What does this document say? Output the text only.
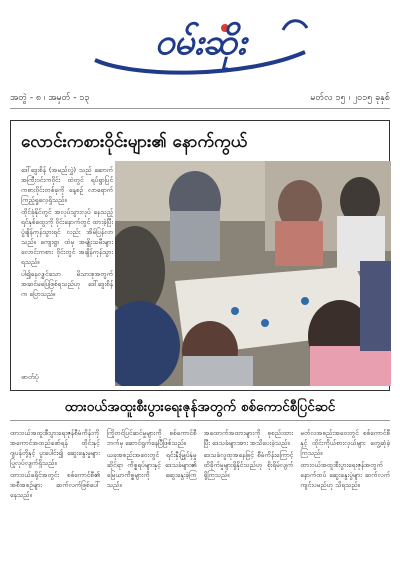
ဝမ်းဆိုး
အတွဲ - ၈ ၊ အမှတ် - ၁၃	မတ်လ ၁၅ ၊ ၂၀၁၅ ခုနှစ်
လောင်းကစားဝိုင်းများ၏ နောက်ကွယ်

ဒေါ်ဒွေးစိန် (အမည်လွှဲ) သည် ဆောက်အကြီးဝင်းကဝိုင်း ထဲတွင် ရပ်ရွာပြင် ကစားဝိုင်းတစ်ခုကို နေ့စဉ် လာရောက်ကြည့်ရှုလေ့ရှိသည်။

ထိုင်ခုံနိုင်တွင် အလုပ်သွားလုပ် နေသည့် ရင်နှစ်ထွေးကို ဝိုင်းနောက်တွင် ထားခဲ့ပြီး ပွဲချိန်ကုန်သွားရင် လည်း အိမ်ပြန်လာသည်။ ကျေးရွာ ထဲမှ အမျိုးသမီးများ လောင်းကစား ဝိုင်းတွင် အချိန်ကုန်သွားရသည်။

ပါ၍နေလျှင်သော မိသားစုအတွက် အဆင်မပြေဖြစ်ရသည်ဟု ဒေါ်ဒွေးစိန်က ပြောသည်။

ဓာတ်ပုံ
ထားဝယ်အထူးစီးပွားရေးဇုန်အတွက် စစ်ကောင်စီပြင်ဆင်

ထားဝယ်အထူးစီးပွားရေးဇုန်စီမံကိန်းကို အကောင်အထည်ဖော်ရန် ထိုင်းနှင့် ဂျပန်တို့နှင့် ပူးပေါင်း၍ ဆွေးနွေးမှုများ ပြုလုပ်လျက်ရှိသည်။

ထားဝယ်ခရိုင်အတွင်း စစ်ကောင်စီ၏ အစီအစဉ်များ ဆက်လက်ဖြစ်ပေါ်နေသည်။

ကြိုတင်ပြင်ဆင်မှုများကို စစ်ကောင်စီဘက်မှ ဆောင်ရွက်နေပြီဖြစ်သည်။

ယခုအစည်းအဝေးတွင် ရင်းနှီးမြှုပ်နှံမှုဆိုင်ရာ ကိစ္စရပ်များနှင့် ဒေသခံများ၏ မြေယာကိစ္စများကို ဆွေးနွေးခဲ့ကြသည်။

အထောက်အထားများကို စုစည်းထားပြီး ဒေသခံများအား အသိပေးခဲ့သည်။

ဒေသခံလူထုအနေဖြင့် စီမံကိန်းကြောင့် ထိခိုက်မှုများရှိနိုင်သည်ဟု စိုးရိမ်လျက်ရှိကြသည်။

မတ်လအစည်းအဝေးတွင် စစ်ကောင်စီနှင့် ထိုင်းကိုယ်စားလှယ်များ တွေ့ဆုံခဲ့ကြသည်။

ထားဝယ်အထူးစီးပွားရေးဇုန်အတွက် နောက်ထပ် ဆွေးနွေးပွဲများ ဆက်လက်ကျင်းပမည်ဟု သိရသည်။
